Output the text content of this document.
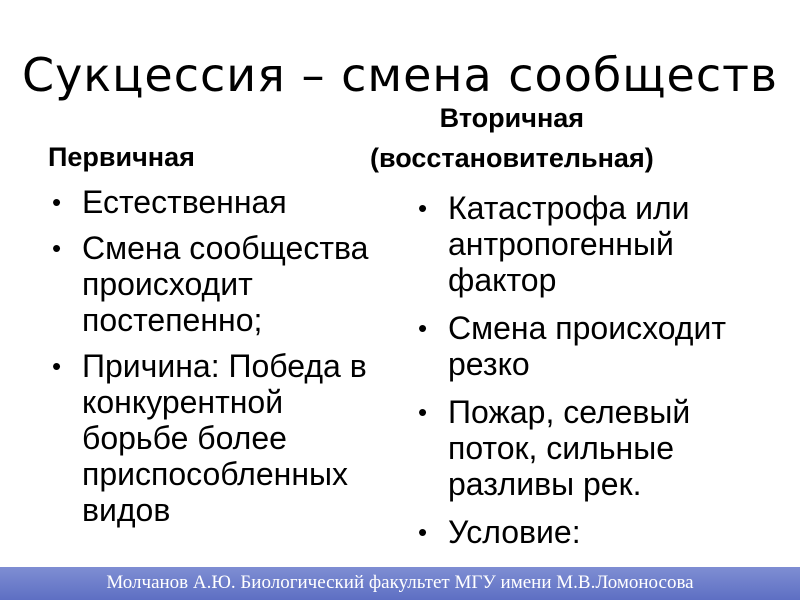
Сукцессия – смена сообществ
Первичная
Вторичная
(восстановительная)
• Естественная
• Смена сообщества происходит постепенно;
• Причина: Победа в конкурентной борьбе более приспособленных видов
• Катастрофа или антропогенный фактор
• Смена происходит резко
• Пожар, селевый поток, сильные разливы рек.
• Условие:
Молчанов А.Ю. Биологический факультет МГУ имени М.В.Ломоносова
